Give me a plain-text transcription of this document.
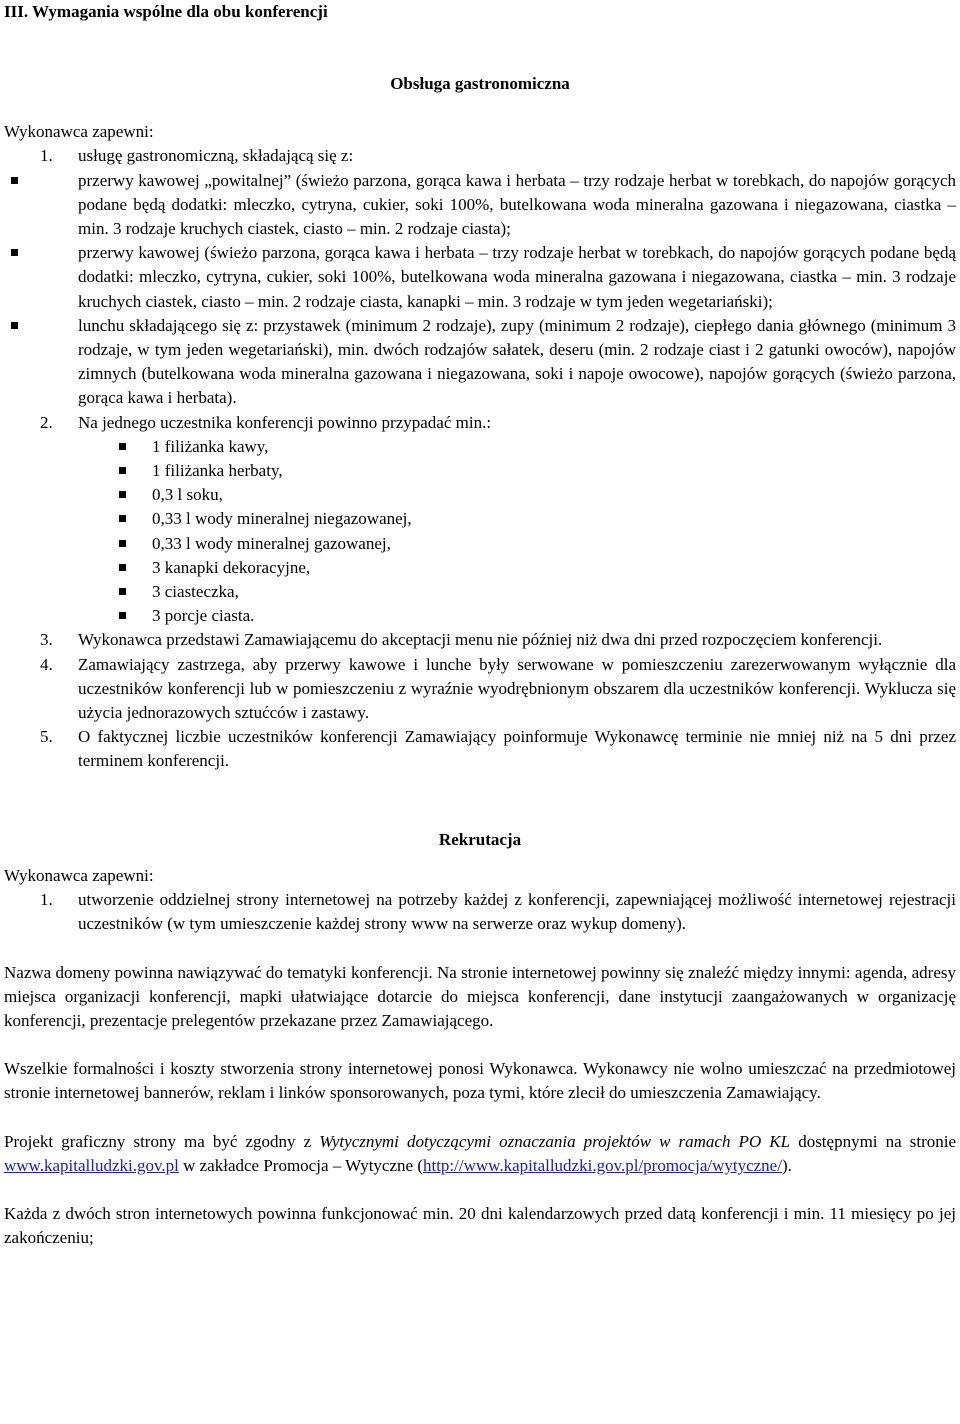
III. Wymagania wspólne dla obu konferencji
Obsługa gastronomiczna
Wykonawca zapewni:
1.	usługę gastronomiczną, składającą się z:
przerwy kawowej „powitalnej” (świeżo parzona, gorąca kawa i herbata – trzy rodzaje herbat w torebkach, do napojów gorących podane będą dodatki: mleczko, cytryna, cukier, soki 100%, butelkowana woda mineralna gazowana i niegazowana, ciastka – min. 3 rodzaje kruchych ciastek, ciasto – min. 2 rodzaje ciasta);
przerwy kawowej (świeżo parzona, gorąca kawa i herbata – trzy rodzaje herbat w torebkach, do napojów gorących podane będą dodatki: mleczko, cytryna, cukier, soki 100%, butelkowana woda mineralna gazowana i niegazowana, ciastka – min. 3 rodzaje kruchych ciastek, ciasto – min. 2 rodzaje ciasta, kanapki – min. 3 rodzaje w tym jeden wegetariański);
lunchu składającego się z: przystawek (minimum 2 rodzaje), zupy (minimum 2 rodzaje), ciepłego dania głównego (minimum 3 rodzaje, w tym jeden wegetariański), min. dwóch rodzajów sałatek, deseru (min. 2 rodzaje ciast i 2 gatunki owoców), napojów zimnych (butelkowana woda mineralna gazowana i niegazowana, soki i napoje owocowe), napojów gorących (świeżo parzona, gorąca kawa i herbata).
2.	Na jednego uczestnika konferencji powinno przypadać min.:
1 filiżanka kawy,
1 filiżanka herbaty,
0,3 l soku,
0,33 l wody mineralnej niegazowanej,
0,33 l wody mineralnej gazowanej,
3 kanapki dekoracyjne,
3 ciasteczka,
3 porcje ciasta.
3.	Wykonawca przedstawi Zamawiającemu do akceptacji menu nie później niż dwa dni przed rozpoczęciem konferencji.
4.	Zamawiający zastrzega, aby przerwy kawowe i lunche były serwowane w pomieszczeniu zarezerwowanym wyłącznie dla uczestników konferencji lub w pomieszczeniu z wyraźnie wyodrębnionym obszarem dla uczestników konferencji. Wyklucza się użycia jednorazowych sztućców i zastawy.
5.	O faktycznej liczbie uczestników konferencji Zamawiający poinformuje Wykonawcę terminie nie mniej niż na 5 dni przez terminem konferencji.
Rekrutacja
Wykonawca zapewni:
1.	utworzenie oddzielnej strony internetowej na potrzeby każdej z konferencji, zapewniającej możliwość internetowej rejestracji uczestników (w tym umieszczenie każdej strony www na serwerze oraz wykup domeny).

Nazwa domeny powinna nawiązywać do tematyki konferencji. Na stronie internetowej powinny się znaleźć między innymi: agenda, adresy miejsca organizacji konferencji, mapki ułatwiające dotarcie do miejsca konferencji, dane instytucji zaangażowanych w organizację konferencji, prezentacje prelegentów przekazane przez Zamawiającego.

Wszelkie formalności i koszty stworzenia strony internetowej ponosi Wykonawca. Wykonawcy nie wolno umieszczać na przedmiotowej stronie internetowej bannerów, reklam i linków sponsorowanych, poza tymi, które zlecił do umieszczenia Zamawiający.

Projekt graficzny strony ma być zgodny z Wytycznymi dotyczącymi oznaczania projektów w ramach PO KL dostępnymi na stronie www.kapitalludzki.gov.pl w zakładce Promocja – Wytyczne (http://www.kapitalludzki.gov.pl/promocja/wytyczne/).

Każda z dwóch stron internetowych powinna funkcjonować min. 20 dni kalendarzowych przed datą konferencji i min. 11 miesięcy po jej zakończeniu;
